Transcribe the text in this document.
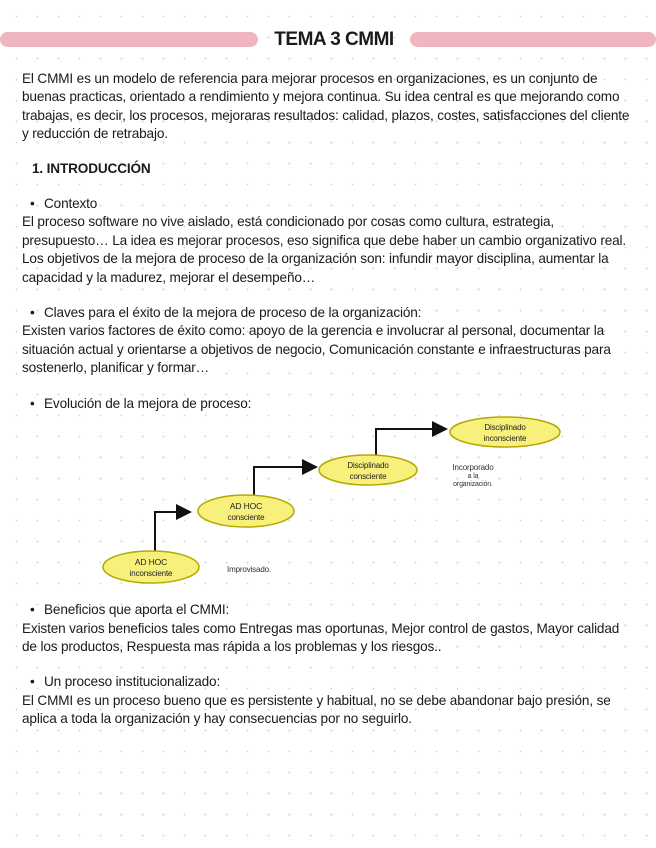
TEMA 3 CMMI

El CMMI es un modelo de referencia para mejorar procesos en organizaciones, es un conjunto de buenas practicas, orientado a rendimiento y mejora continua. Su idea central es que mejorando como trabajas, es decir, los procesos, mejoraras resultados: calidad, plazos, costes, satisfacciones del cliente y reducción de retrabajo.

1. INTRODUCCIÓN
• Contexto

El proceso software no vive aislado, está condicionado por cosas como cultura, estrategia, presupuesto… La idea es mejorar procesos, eso significa que debe haber un cambio organizativo real.

Los objetivos de la mejora de proceso de la organización son: infundir mayor disciplina, aumentar la capacidad y la madurez, mejorar el desempeño…

• Claves para el éxito de la mejora de proceso de la organización:

Existen varios factores de éxito como: apoyo de la gerencia e involucrar al personal, documentar la situación actual y orientarse a objetivos de negocio, Comunicación constante e infraestructuras para sostenerlo, planificar y formar…

• Evolución de la mejora de proceso:
AD HOC
inconsciente
AD HOC
consciente
Disciplinado
consciente
Disciplinado
inconsciente
Improvisado.
Incorporado
a la
organización.
• Beneficios que aporta el CMMI:

Existen varios beneficios tales como Entregas mas oportunas, Mejor control de gastos, Mayor calidad de los productos, Respuesta mas rápida a los problemas y los riesgos..

• Un proceso institucionalizado:

El CMMI es un proceso bueno que es persistente y habitual, no se debe abandonar bajo presión, se aplica a toda la organización y hay consecuencias por no seguirlo.
